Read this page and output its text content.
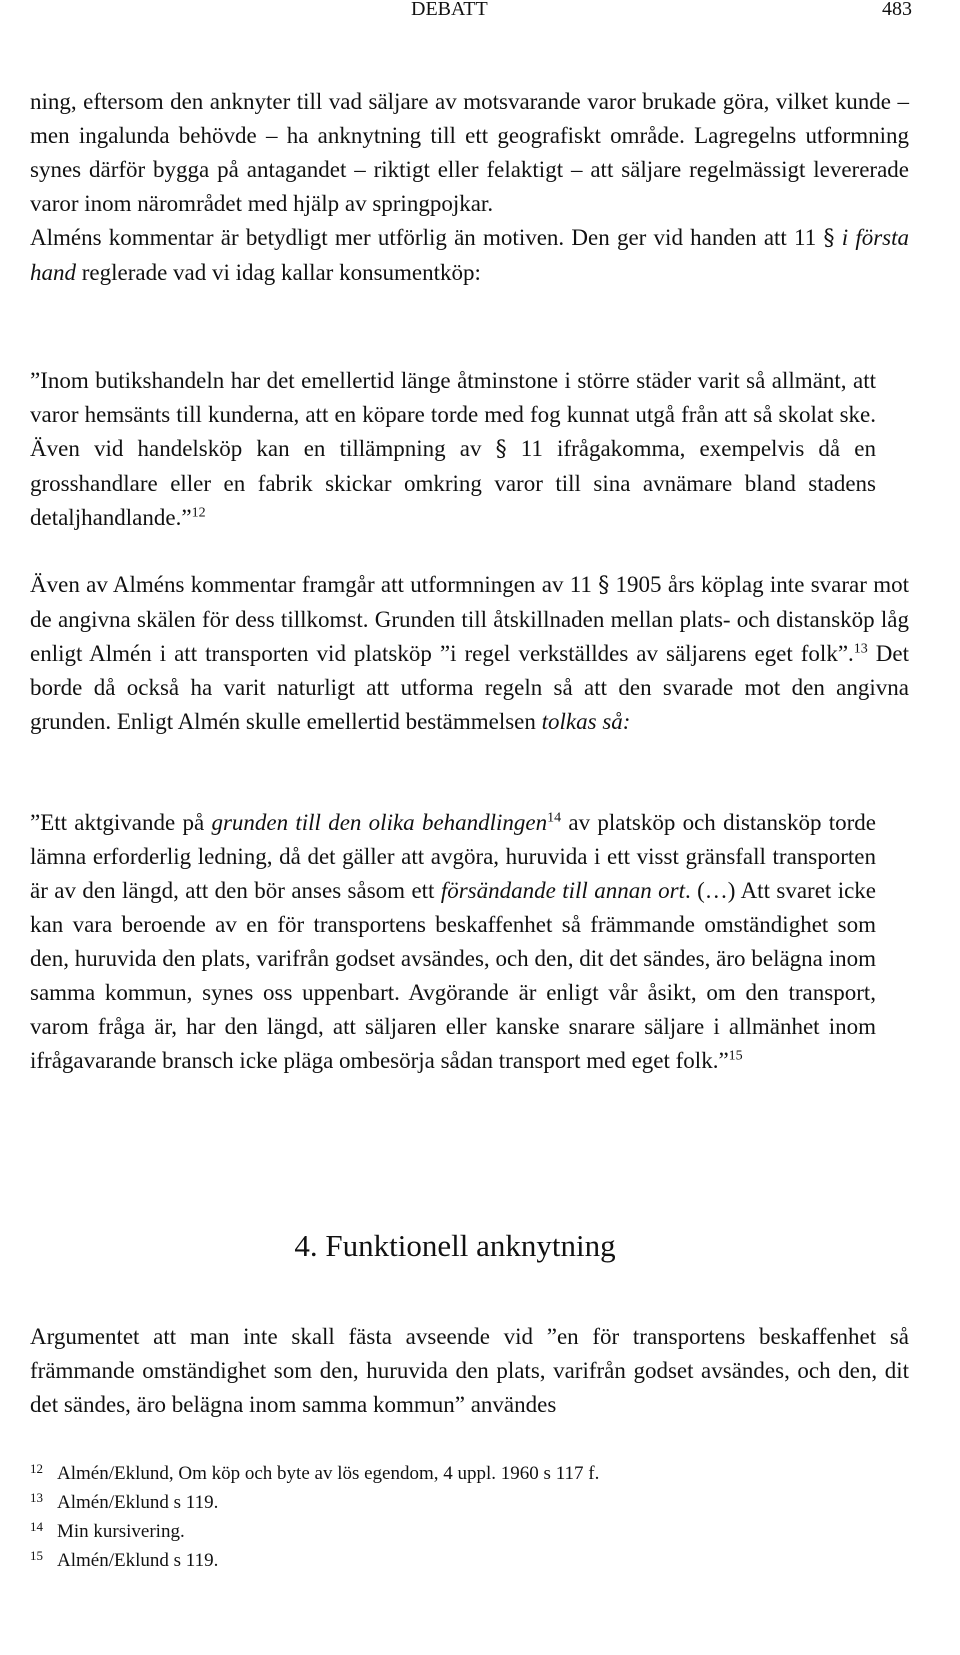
DEBATT	483

ning, eftersom den anknyter till vad säljare av motsvarande varor brukade göra, vilket kunde – men ingalunda behövde – ha anknytning till ett geografiskt område. Lagregelns utformning synes därför bygga på antagandet – riktigt eller felaktigt – att säljare regelmässigt levererade varor inom närområdet med hjälp av springpojkar.

Alméns kommentar är betydligt mer utförlig än motiven. Den ger vid handen att 11 § i första hand reglerade vad vi idag kallar konsumentköp:

”Inom butikshandeln har det emellertid länge åtminstone i större städer varit så allmänt, att varor hemsänts till kunderna, att en köpare torde med fog kunnat utgå från att så skolat ske. Även vid handelsköp kan en tillämpning av § 11 ifrågakomma, exempelvis då en grosshandlare eller en fabrik skickar omkring varor till sina avnämare bland stadens detaljhandlande.”$^{12}$

Även av Alméns kommentar framgår att utformningen av 11 § 1905 års köplag inte svarar mot de angivna skälen för dess tillkomst. Grunden till åtskillnaden mellan plats- och distansköp låg enligt Almén i att transporten vid platsköp ”i regel verkställdes av säljarens eget folk”.$^{13}$ Det borde då också ha varit naturligt att utforma regeln så att den svarade mot den angivna grunden. Enligt Almén skulle emellertid bestämmelsen tolkas så:

”Ett aktgivande på grunden till den olika behandlingen$^{14}$ av platsköp och distansköp torde lämna erforderlig ledning, då det gäller att avgöra, huruvida i ett visst gränsfall transporten är av den längd, att den bör anses såsom ett försändande till annan ort. (…) Att svaret icke kan vara beroende av en för transportens beskaffenhet så främmande omständighet som den, huruvida den plats, varifrån godset avsändes, och den, dit det sändes, äro belägna inom samma kommun, synes oss uppenbart. Avgörande är enligt vår åsikt, om den transport, varom fråga är, har den längd, att säljaren eller kanske snarare säljare i allmänhet inom ifrågavarande bransch icke pläga ombesörja sådan transport med eget folk.”$^{15}$

4. Funktionell anknytning

Argumentet att man inte skall fästa avseende vid ”en för transportens beskaffenhet så främmande omständighet som den, huruvida den plats, varifrån godset avsändes, och den, dit det sändes, äro belägna inom samma kommun” användes

12 Almén/Eklund, Om köp och byte av lös egendom, 4 uppl. 1960 s 117 f.

13 Almén/Eklund s 119.

14 Min kursivering.

15 Almén/Eklund s 119.
